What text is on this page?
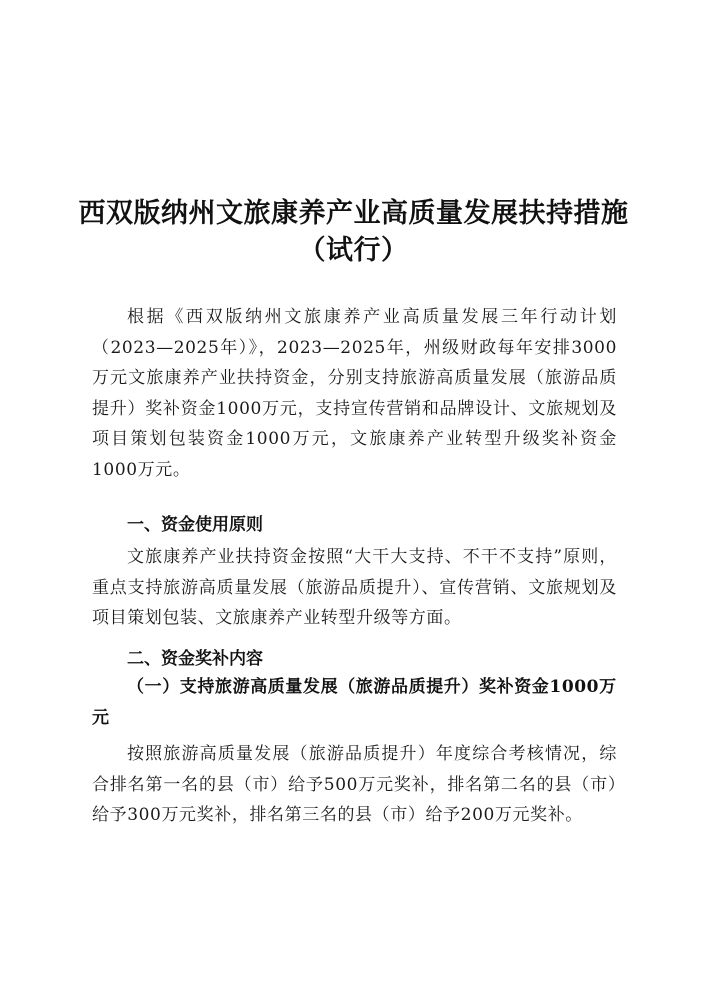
西双版纳州文旅康养产业高质量发展扶持措施
（试行）

根据《西双版纳州文旅康养产业高质量发展三年行动计划（2023—2025年）》，2023—2025年，州级财政每年安排3000万元文旅康养产业扶持资金，分别支持旅游高质量发展（旅游品质提升）奖补资金1000万元，支持宣传营销和品牌设计、文旅规划及项目策划包装资金1000万元，文旅康养产业转型升级奖补资金1000万元。

一、资金使用原则

文旅康养产业扶持资金按照“大干大支持、不干不支持”原则，重点支持旅游高质量发展（旅游品质提升）、宣传营销、文旅规划及项目策划包装、文旅康养产业转型升级等方面。

二、资金奖补内容

（一）支持旅游高质量发展（旅游品质提升）奖补资金1000万元

按照旅游高质量发展（旅游品质提升）年度综合考核情况，综合排名第一名的县（市）给予500万元奖补，排名第二名的县（市）给予300万元奖补，排名第三名的县（市）给予200万元奖补。
